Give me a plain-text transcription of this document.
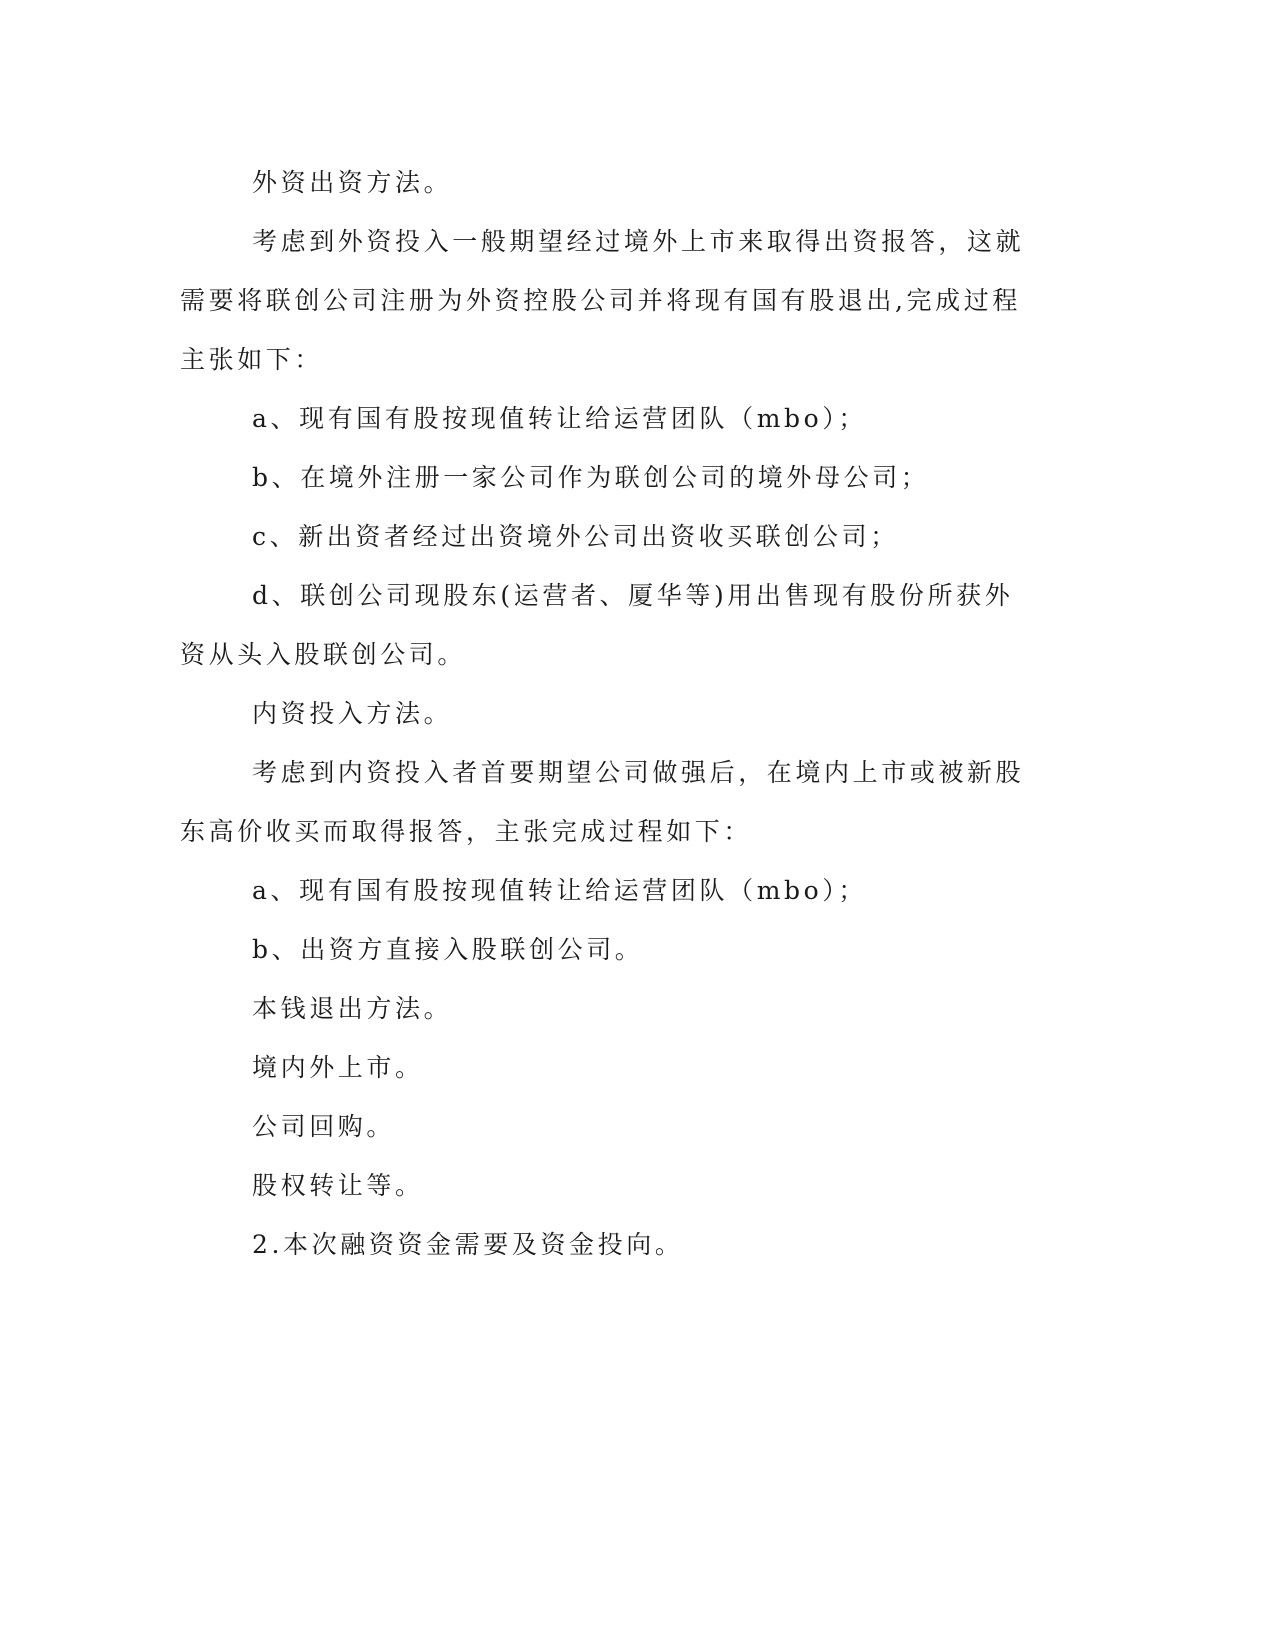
外资出资方法。

考虑到外资投入一般期望经过境外上市来取得出资报答，这就需要将联创公司注册为外资控股公司并将现有国有股退出,完成过程主张如下：

a、现有国有股按现值转让给运营团队（mbo）；

b、在境外注册一家公司作为联创公司的境外母公司；

c、新出资者经过出资境外公司出资收买联创公司；

d、联创公司现股东(运营者、厦华等)用出售现有股份所获外资从头入股联创公司。

内资投入方法。

考虑到内资投入者首要期望公司做强后，在境内上市或被新股东高价收买而取得报答，主张完成过程如下：

a、现有国有股按现值转让给运营团队（mbo）；

b、出资方直接入股联创公司。

本钱退出方法。

境内外上市。

公司回购。

股权转让等。

2.本次融资资金需要及资金投向。
